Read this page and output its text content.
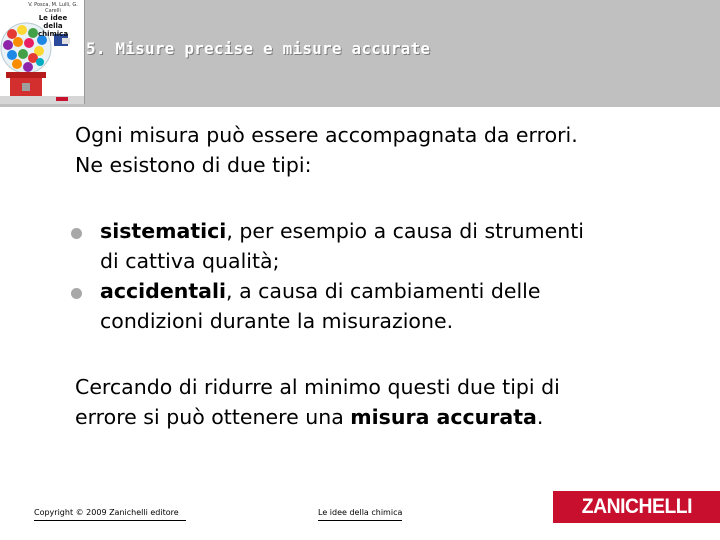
V. Posca, M. Lulli, G. Carelli
Le idee
della
chimica
5. Misure precise e misure accurate

Ogni misura può essere accompagnata da errori.
Ne esistono di due tipi:

sistematici, per esempio a causa di strumenti
di cattiva qualità;
accidentali, a causa di cambiamenti delle
condizioni durante la misurazione.

Cercando di ridurre al minimo questi due tipi di
errore si può ottenere una misura accurata.

Copyright © 2009 Zanichelli editore	Le idee della chimica	ZANICHELLI
